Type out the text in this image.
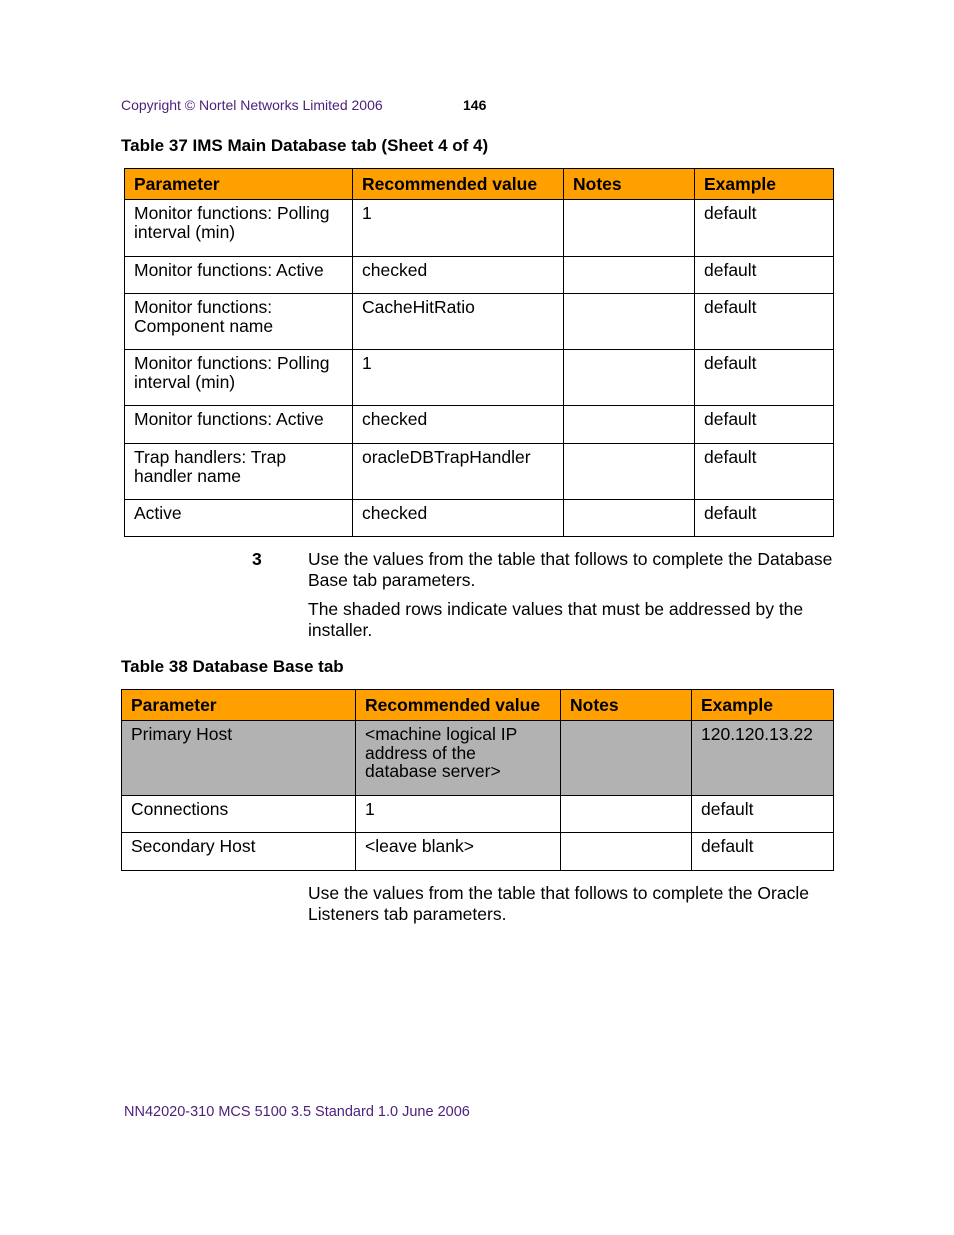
Copyright © Nortel Networks Limited 2006	146
Table 37 IMS Main Database tab (Sheet 4 of 4)
Parameter	Recommended value	Notes	Example
Monitor functions: Polling interval (min)	1		default
Monitor functions: Active	checked		default
Monitor functions: Component name	CacheHitRatio		default
Monitor functions: Polling interval (min)	1		default
Monitor functions: Active	checked		default
Trap handlers: Trap handler name	oracleDBTrapHandler		default
Active	checked		default
3	Use the values from the table that follows to complete the Database Base tab parameters.
The shaded rows indicate values that must be addressed by the installer.
Table 38 Database Base tab
Parameter	Recommended value	Notes	Example
Primary Host	<machine logical IP address of the database server>		120.120.13.22
Connections	1		default
Secondary Host	<leave blank>		default
Use the values from the table that follows to complete the Oracle Listeners tab parameters.
NN42020-310 MCS 5100 3.5 Standard 1.0 June 2006
